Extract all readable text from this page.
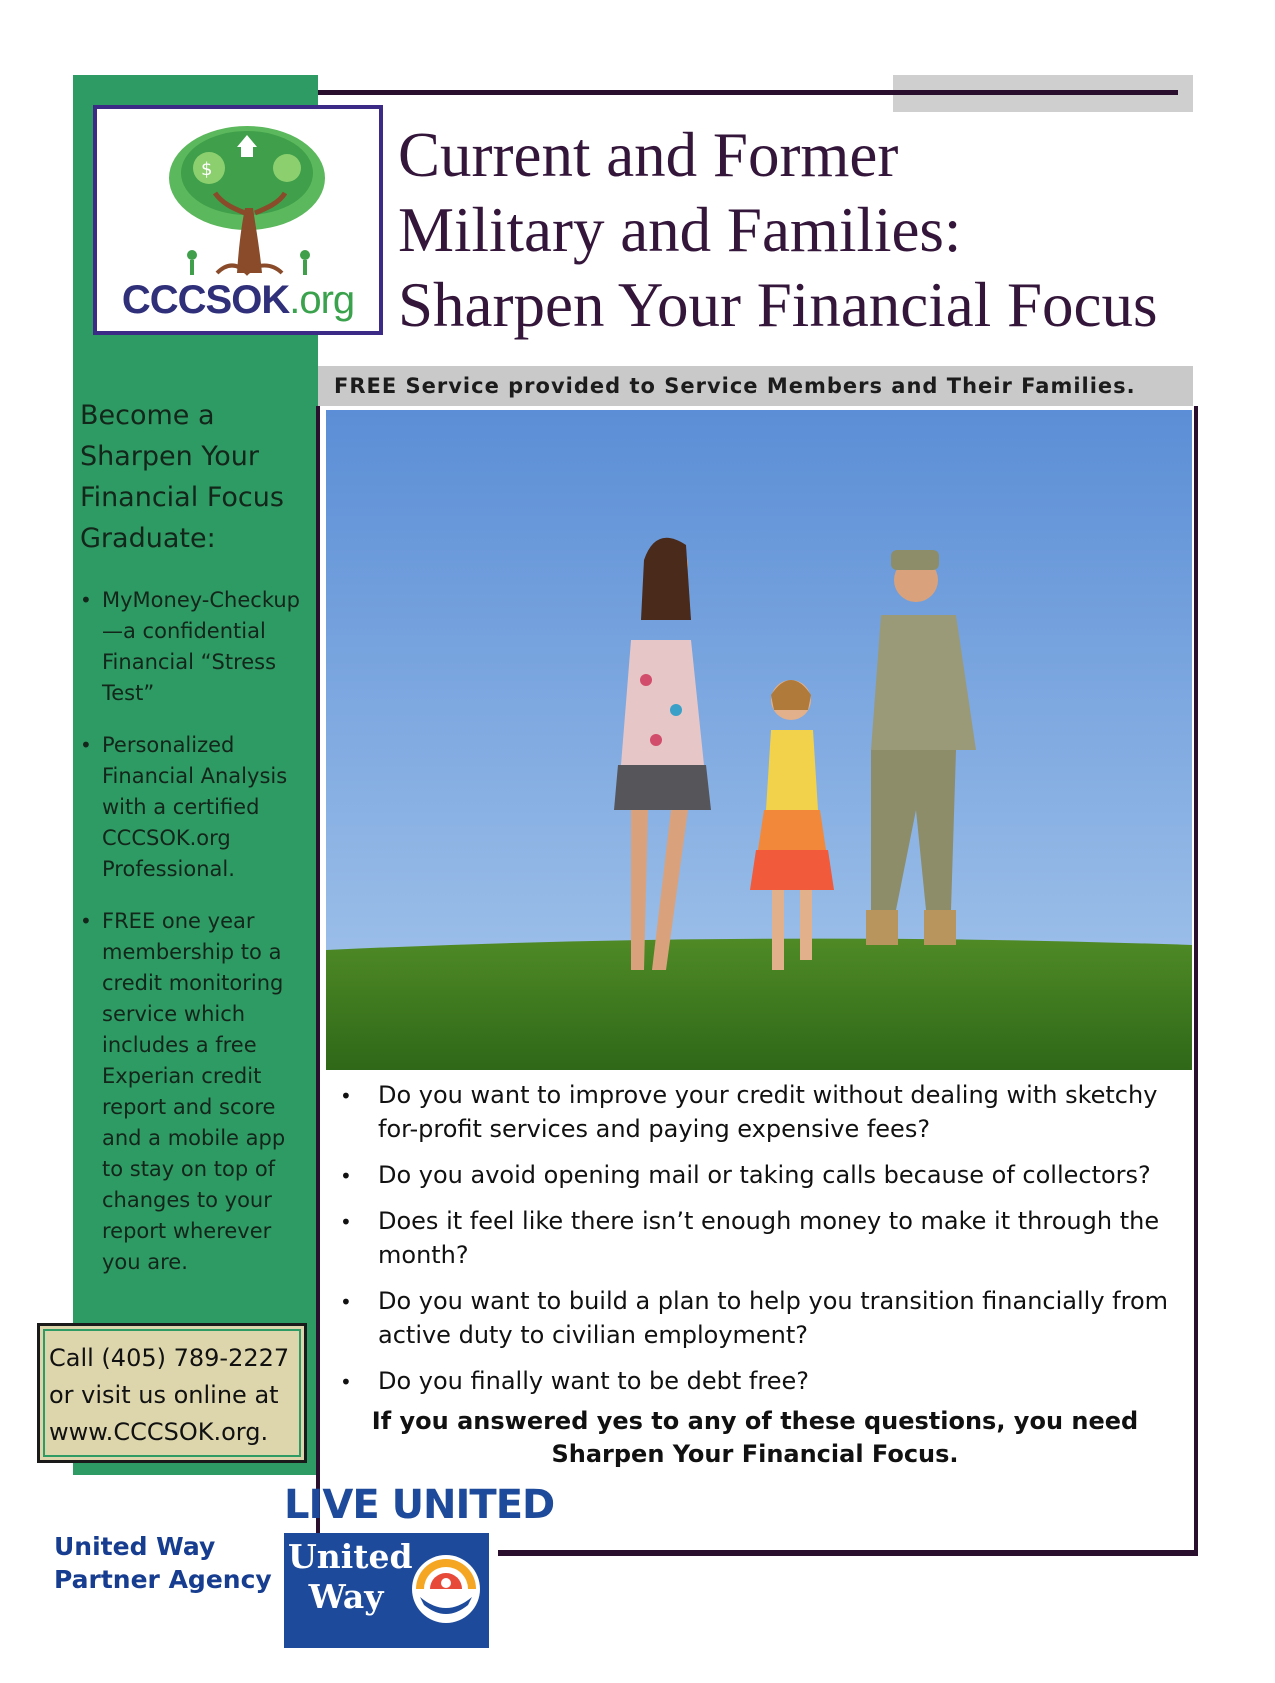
$
CCCSOK.org
Current and Former
Military and Families:
Sharpen Your Financial Focus
FREE Service provided to Service Members and Their Families.
Become a
Sharpen Your
Financial Focus
Graduate:
• MyMoney-Checkup—a confidential Financial “Stress Test”
• Personalized Financial Analysis with a certified CCCSOK.org Professional.
• FREE one year membership to a credit monitoring service which includes a free Experian credit report and score and a mobile app to stay on top of changes to your report wherever you are.
Call (405) 789-2227
or visit us online at
www.CCCSOK.org.
• Do you want to improve your credit without dealing with sketchy for-profit services and paying expensive fees?
• Do you avoid opening mail or taking calls because of collectors?
• Does it feel like there isn’t enough money to make it through the month?
• Do you want to build a plan to help you transition financially from active duty to civilian employment?
• Do you finally want to be debt free?
If you answered yes to any of these questions, you need
Sharpen Your Financial Focus.
United Way
Partner Agency
LIVE UNITED
United
Way
